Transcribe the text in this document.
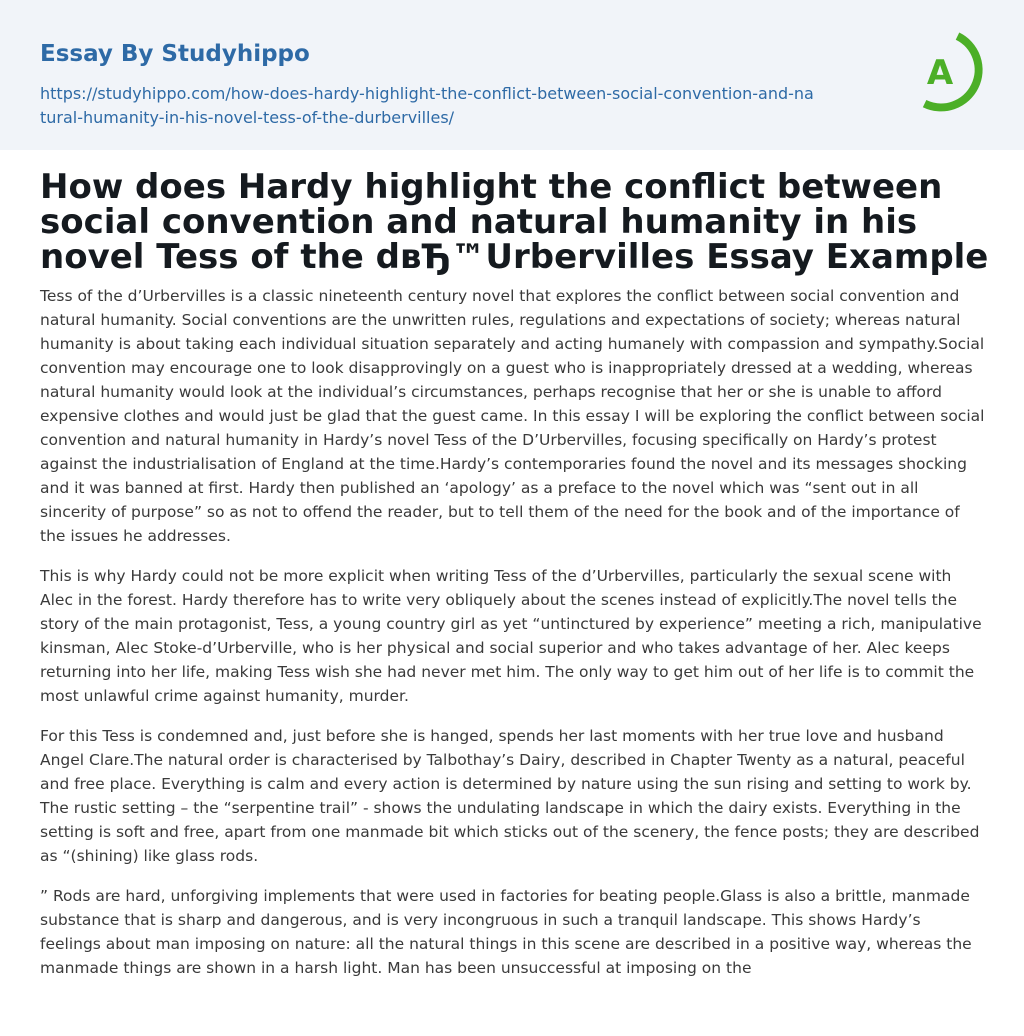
Essay By Studyhippo
https://studyhippo.com/how-does-hardy-highlight-the-conflict-between-social-convention-and-natural-humanity-in-his-novel-tess-of-the-durbervilles/
A
How does Hardy highlight the conflict between social convention and natural humanity in his novel Tess of the dвЂ™Urbervilles Essay Example

Tess of the d’Urbervilles is a classic nineteenth century novel that explores the conflict between social convention and natural humanity. Social conventions are the unwritten rules, regulations and expectations of society; whereas natural humanity is about taking each individual situation separately and acting humanely with compassion and sympathy.Social convention may encourage one to look disapprovingly on a guest who is inappropriately dressed at a wedding, whereas natural humanity would look at the individual’s circumstances, perhaps recognise that her or she is unable to afford expensive clothes and would just be glad that the guest came. In this essay I will be exploring the conflict between social convention and natural humanity in Hardy’s novel Tess of the D’Urbervilles, focusing specifically on Hardy’s protest against the industrialisation of England at the time.Hardy’s contemporaries found the novel and its messages shocking and it was banned at first. Hardy then published an ‘apology’ as a preface to the novel which was “sent out in all sincerity of purpose” so as not to offend the reader, but to tell them of the need for the book and of the importance of the issues he addresses.

This is why Hardy could not be more explicit when writing Tess of the d’Urbervilles, particularly the sexual scene with Alec in the forest. Hardy therefore has to write very obliquely about the scenes instead of explicitly.The novel tells the story of the main protagonist, Tess, a young country girl as yet “untinctured by experience” meeting a rich, manipulative kinsman, Alec Stoke-d’Urberville, who is her physical and social superior and who takes advantage of her. Alec keeps returning into her life, making Tess wish she had never met him. The only way to get him out of her life is to commit the most unlawful crime against humanity, murder.

For this Tess is condemned and, just before she is hanged, spends her last moments with her true love and husband Angel Clare.The natural order is characterised by Talbothay’s Dairy, described in Chapter Twenty as a natural, peaceful and free place. Everything is calm and every action is determined by nature using the sun rising and setting to work by. The rustic setting – the “serpentine trail” - shows the undulating landscape in which the dairy exists. Everything in the setting is soft and free, apart from one manmade bit which sticks out of the scenery, the fence posts; they are described as “(shining) like glass rods.

” Rods are hard, unforgiving implements that were used in factories for beating people.Glass is also a brittle, manmade substance that is sharp and dangerous, and is very incongruous in such a tranquil landscape. This shows Hardy’s feelings about man imposing on nature: all the natural things in this scene are described in a positive way, whereas the manmade things are shown in a harsh light. Man has been unsuccessful at imposing on the
